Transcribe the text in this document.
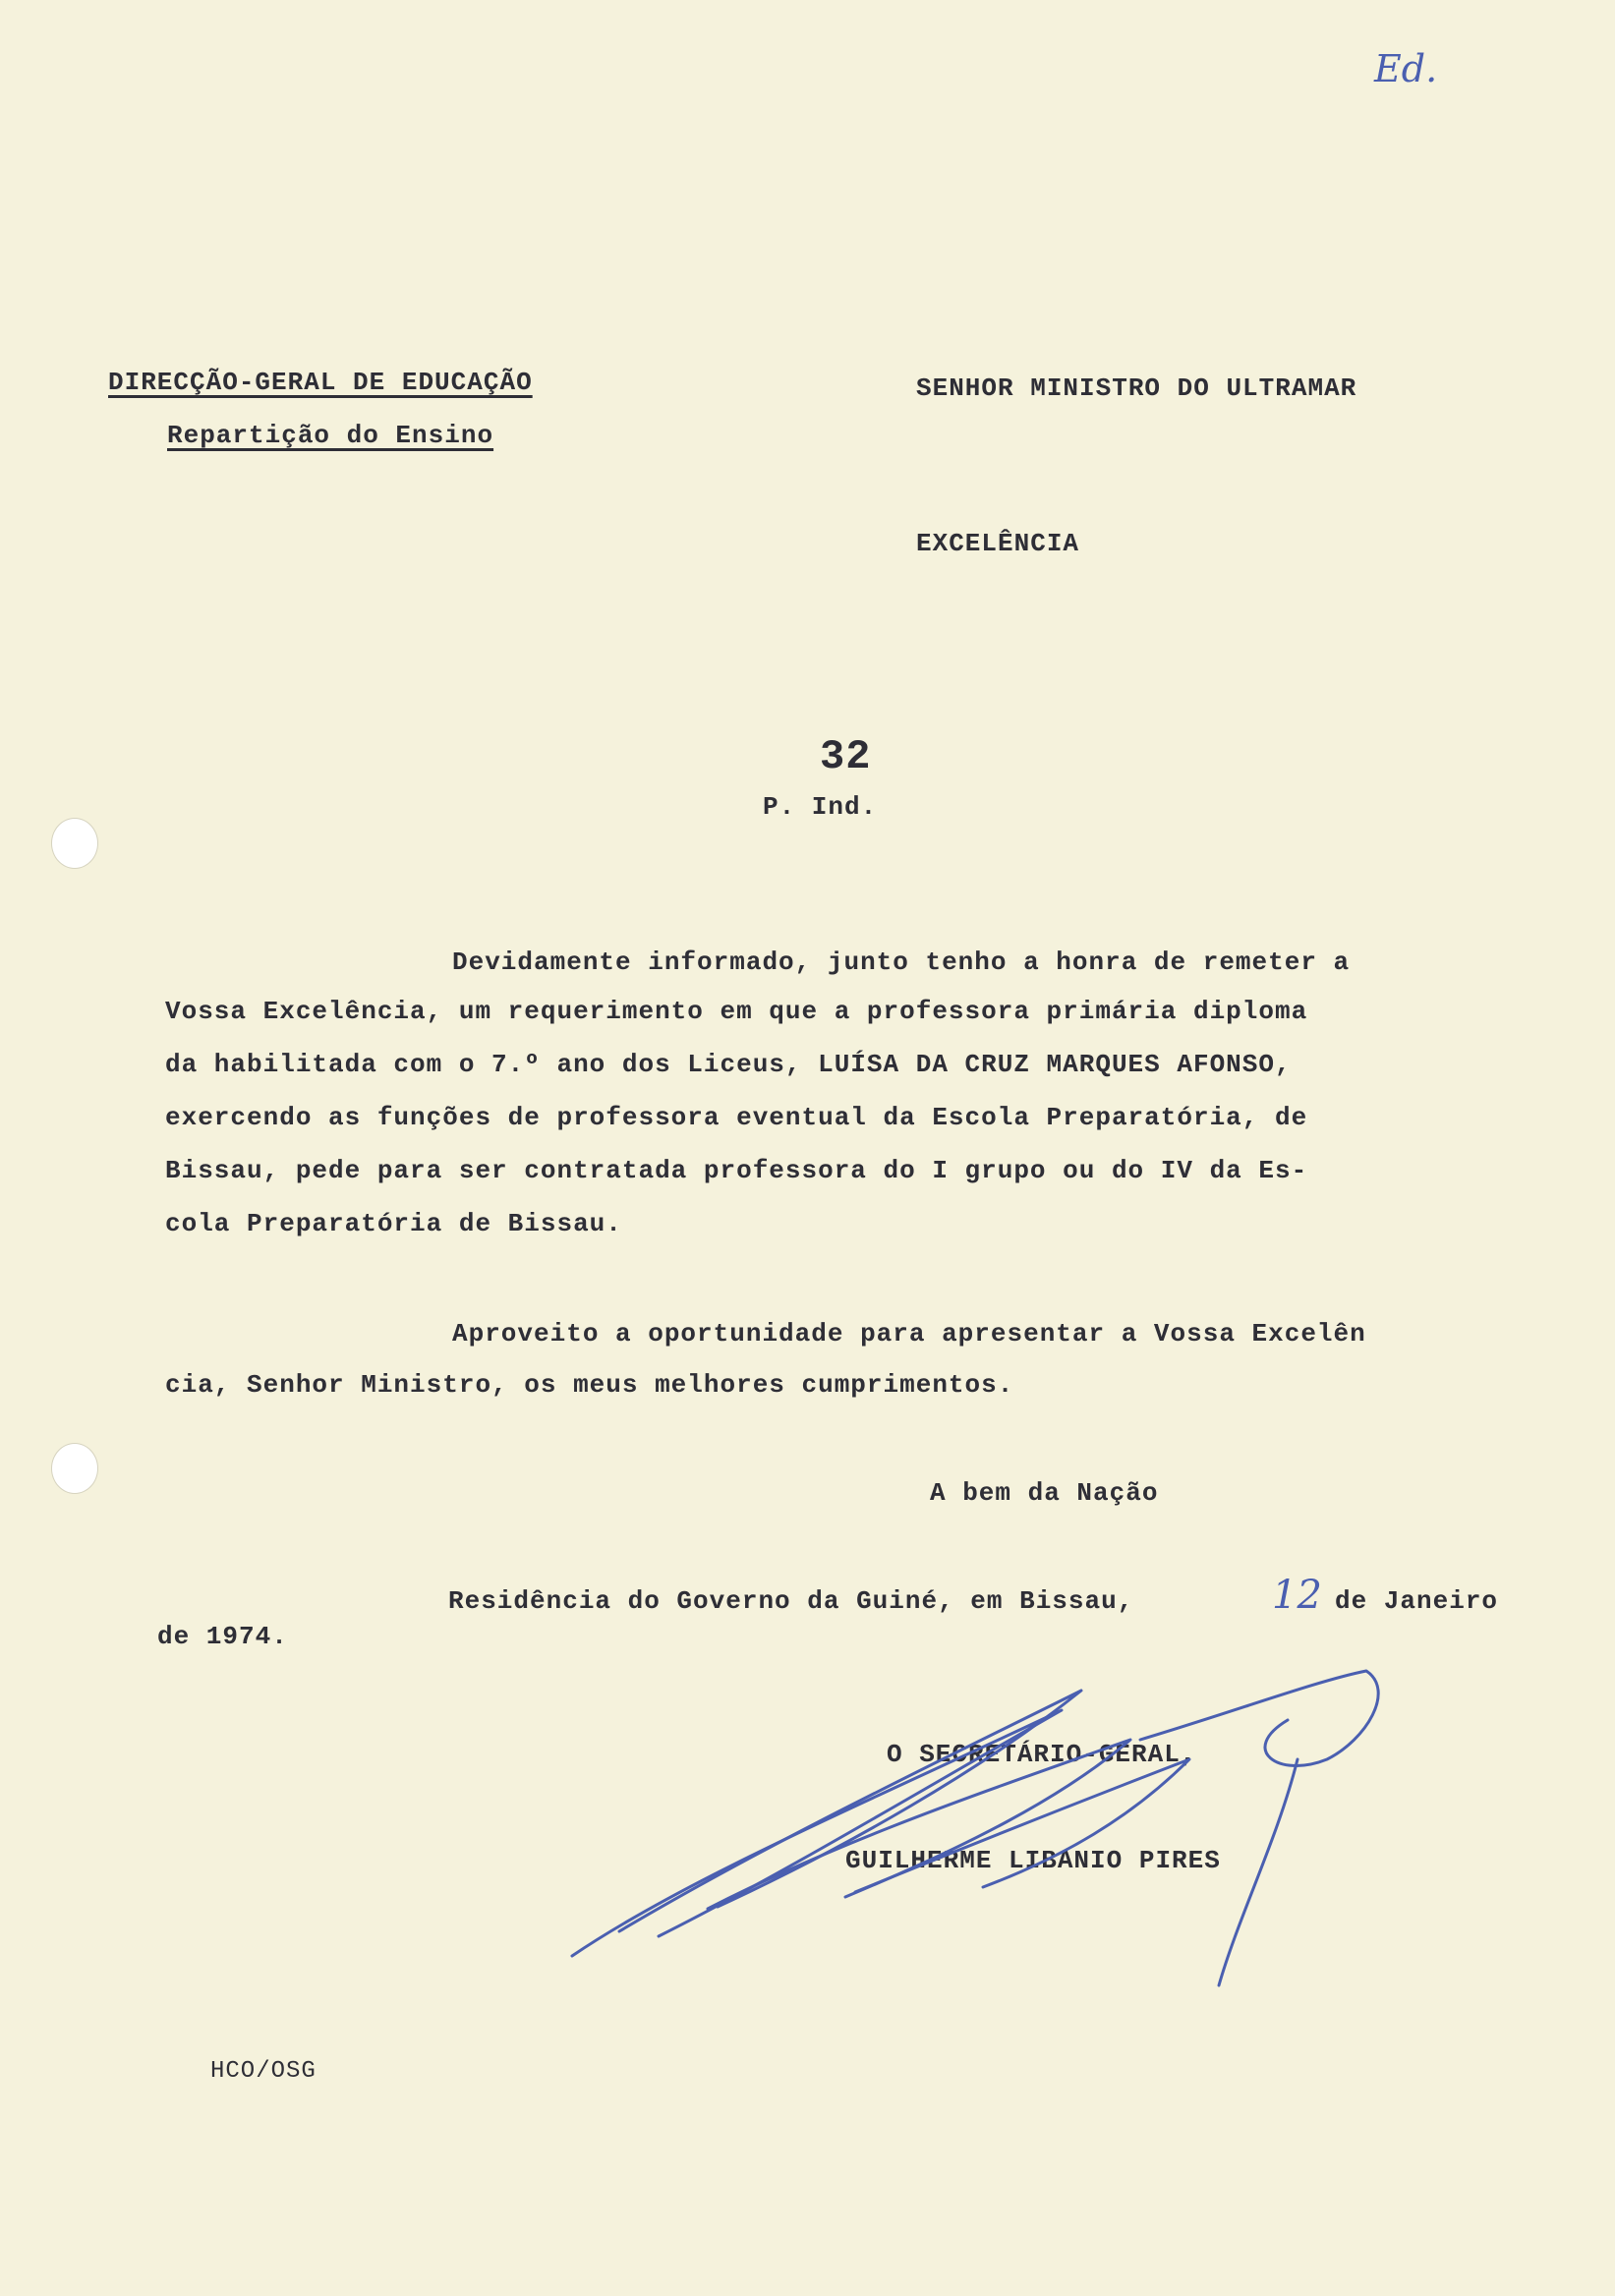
Ed.
DIRECÇÃO-GERAL DE EDUCAÇÃO
Repartição do Ensino
SENHOR MINISTRO DO ULTRAMAR
EXCELÊNCIA
32
P. Ind.
Devidamente informado, junto tenho a honra de remeter a
Vossa Excelência, um requerimento em que a professora primária diploma
da habilitada com o 7.º ano dos Liceus, LUÍSA DA CRUZ MARQUES AFONSO,
exercendo as funções de professora eventual da Escola Preparatória, de
Bissau, pede para ser contratada professora do I grupo ou do IV da Es-
cola Preparatória de Bissau.
Aproveito a oportunidade para apresentar a Vossa Excelên
cia, Senhor Ministro, os meus melhores cumprimentos.
A bem da Nação
Residência do Governo da Guiné, em Bissau,	12 de Janeiro
de 1974.
O SECRETÁRIO-GERAL,
GUILHERME LIBANIO PIRES
HCO/OSG
